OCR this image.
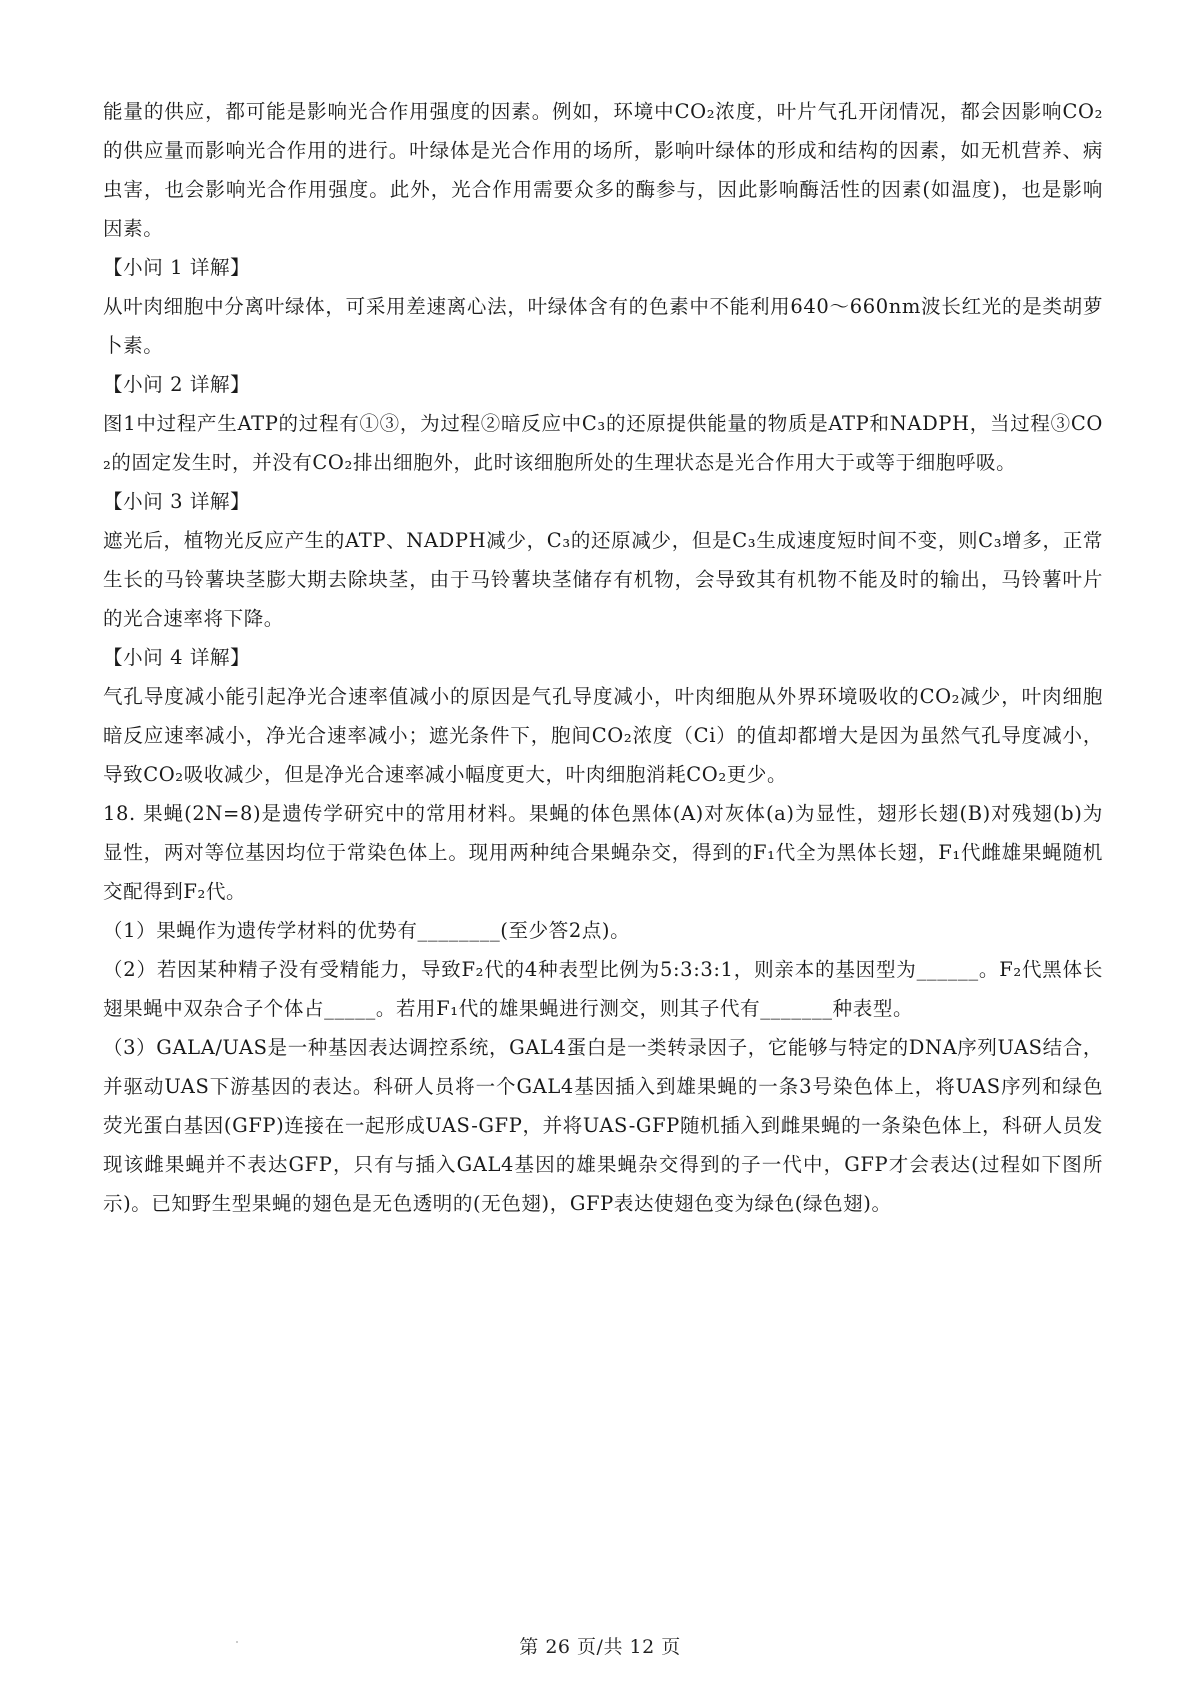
能量的供应，都可能是影响光合作用强度的因素。例如，环境中CO₂浓度，叶片气孔开闭情况，都会因影响CO₂的供应量而影响光合作用的进行。叶绿体是光合作用的场所，影响叶绿体的形成和结构的因素，如无机营养、病虫害，也会影响光合作用强度。此外，光合作用需要众多的酶参与，因此影响酶活性的因素(如温度)，也是影响因素。

【小问 1 详解】

从叶肉细胞中分离叶绿体，可采用差速离心法，叶绿体含有的色素中不能利用640～660nm波长红光的是类胡萝卜素。

【小问 2 详解】

图1中过程产生ATP的过程有①③，为过程②暗反应中C₃的还原提供能量的物质是ATP和NADPH，当过程③CO₂的固定发生时，并没有CO₂排出细胞外，此时该细胞所处的生理状态是光合作用大于或等于细胞呼吸。

【小问 3 详解】

遮光后，植物光反应产生的ATP、NADPH减少，C₃的还原减少，但是C₃生成速度短时间不变，则C₃增多，正常生长的马铃薯块茎膨大期去除块茎，由于马铃薯块茎储存有机物，会导致其有机物不能及时的输出，马铃薯叶片的光合速率将下降。

【小问 4 详解】

气孔导度减小能引起净光合速率值减小的原因是气孔导度减小，叶肉细胞从外界环境吸收的CO₂减少，叶肉细胞暗反应速率减小，净光合速率减小；遮光条件下，胞间CO₂浓度（Ci）的值却都增大是因为虽然气孔导度减小，导致CO₂吸收减少，但是净光合速率减小幅度更大，叶肉细胞消耗CO₂更少。

18. 果蝇(2N=8)是遗传学研究中的常用材料。果蝇的体色黑体(A)对灰体(a)为显性，翅形长翅(B)对残翅(b)为显性，两对等位基因均位于常染色体上。现用两种纯合果蝇杂交，得到的F₁代全为黑体长翅，F₁代雌雄果蝇随机交配得到F₂代。

（1）果蝇作为遗传学材料的优势有________(至少答2点)。

（2）若因某种精子没有受精能力，导致F₂代的4种表型比例为5:3:3:1，则亲本的基因型为______。F₂代黑体长翅果蝇中双杂合子个体占_____。若用F₁代的雄果蝇进行测交，则其子代有_______种表型。

（3）GALA/UAS是一种基因表达调控系统，GAL4蛋白是一类转录因子，它能够与特定的DNA序列UAS结合，并驱动UAS下游基因的表达。科研人员将一个GAL4基因插入到雄果蝇的一条3号染色体上，将UAS序列和绿色荧光蛋白基因(GFP)连接在一起形成UAS-GFP，并将UAS-GFP随机插入到雌果蝇的一条染色体上，科研人员发现该雌果蝇并不表达GFP，只有与插入GAL4基因的雄果蝇杂交得到的子一代中，GFP才会表达(过程如下图所示)。已知野生型果蝇的翅色是无色透明的(无色翅)，GFP表达使翅色变为绿色(绿色翅)。

第 26 页/共 12 页
